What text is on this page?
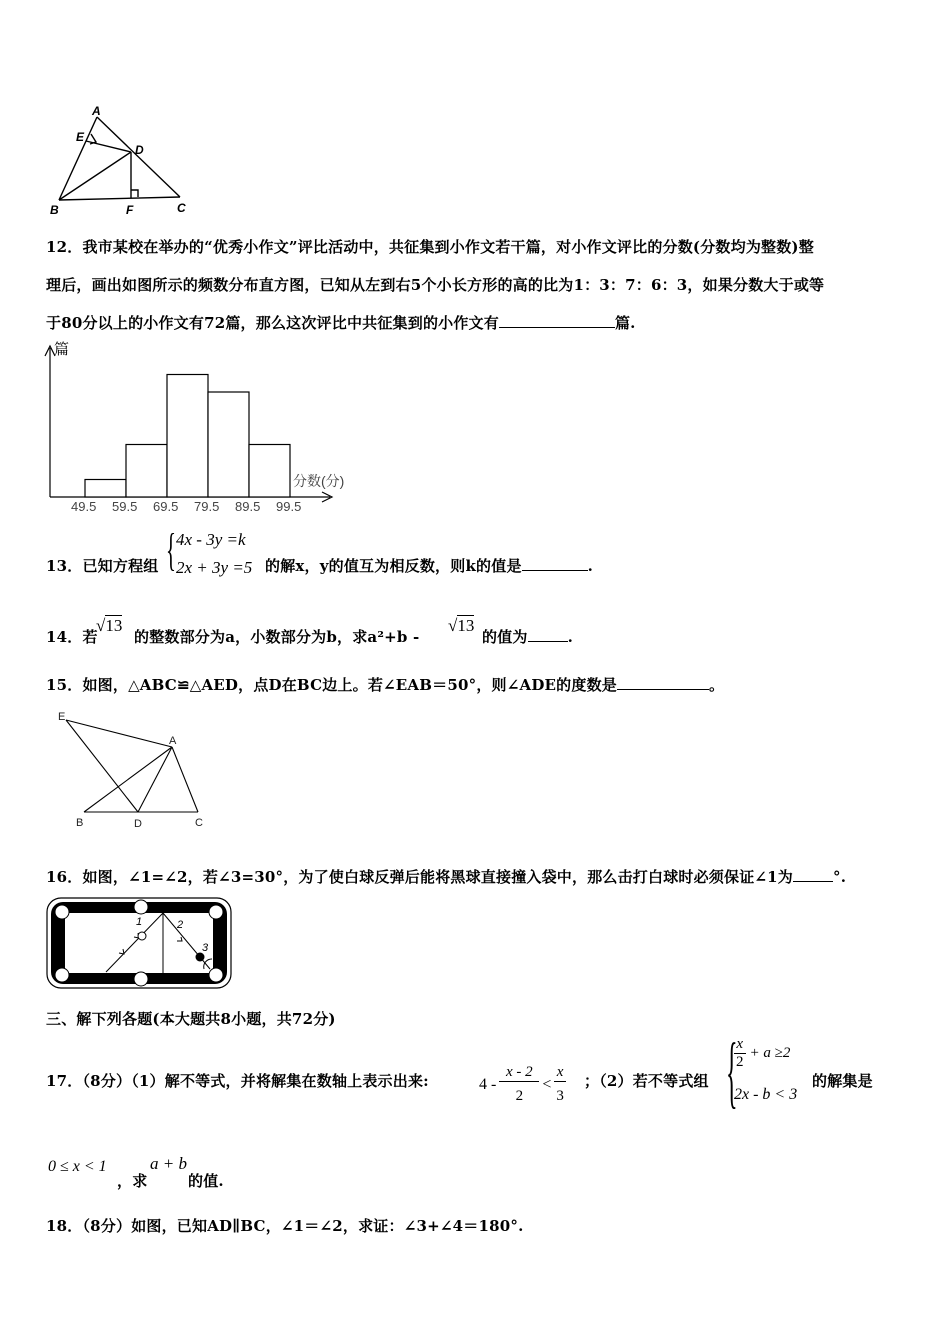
A
E
D
B	F	C
12．我市某校在举办的“优秀小作文”评比活动中，共征集到小作文若干篇，对小作文评比的分数(分数均为整数)整
理后，画出如图所示的频数分布直方图，已知从左到右5个小长方形的高的比为1：3：7：6：3，如果分数大于或等
于80分以上的小作文有72篇，那么这次评比中共征集到的小作文有	篇.
49.5 59.5 69.5 79.5 89.5 99.5
篇
分数(分)
13．已知方程组 { 4x - 3y =k
2x + 3y =5 的解x，y的值互为相反数，则k的值是	.
14．若
√13
的整数部分为a，小数部分为b，求a²+b -
√13
的值为	.
15．如图，△ABC≌△AED，点D在BC边上。若∠EAB＝50°，则∠ADE的度数是	。
E
A
B	D	C
16．如图，∠1=∠2，若∠3=30°，为了使白球反弹后能将黑球直接撞入袋中，那么击打白球时必须保证∠1为	°.
1	2
3
三、解下列各题(本大题共8小题，共72分)
17．（8分）（1）解不等式，并将解集在数轴上表示出来:	$4 - \frac{x - 2}{2} < \frac{x}{3}$ ；（2）若不等式组 {
$\frac{x}{2} + a \ge 2$
2x - b < 3
的解集是
0 ≤ x < 1
，求
a + b
的值.
18．（8分）如图，已知AD∥BC，∠1＝∠2，求证：∠3+∠4＝180°.
